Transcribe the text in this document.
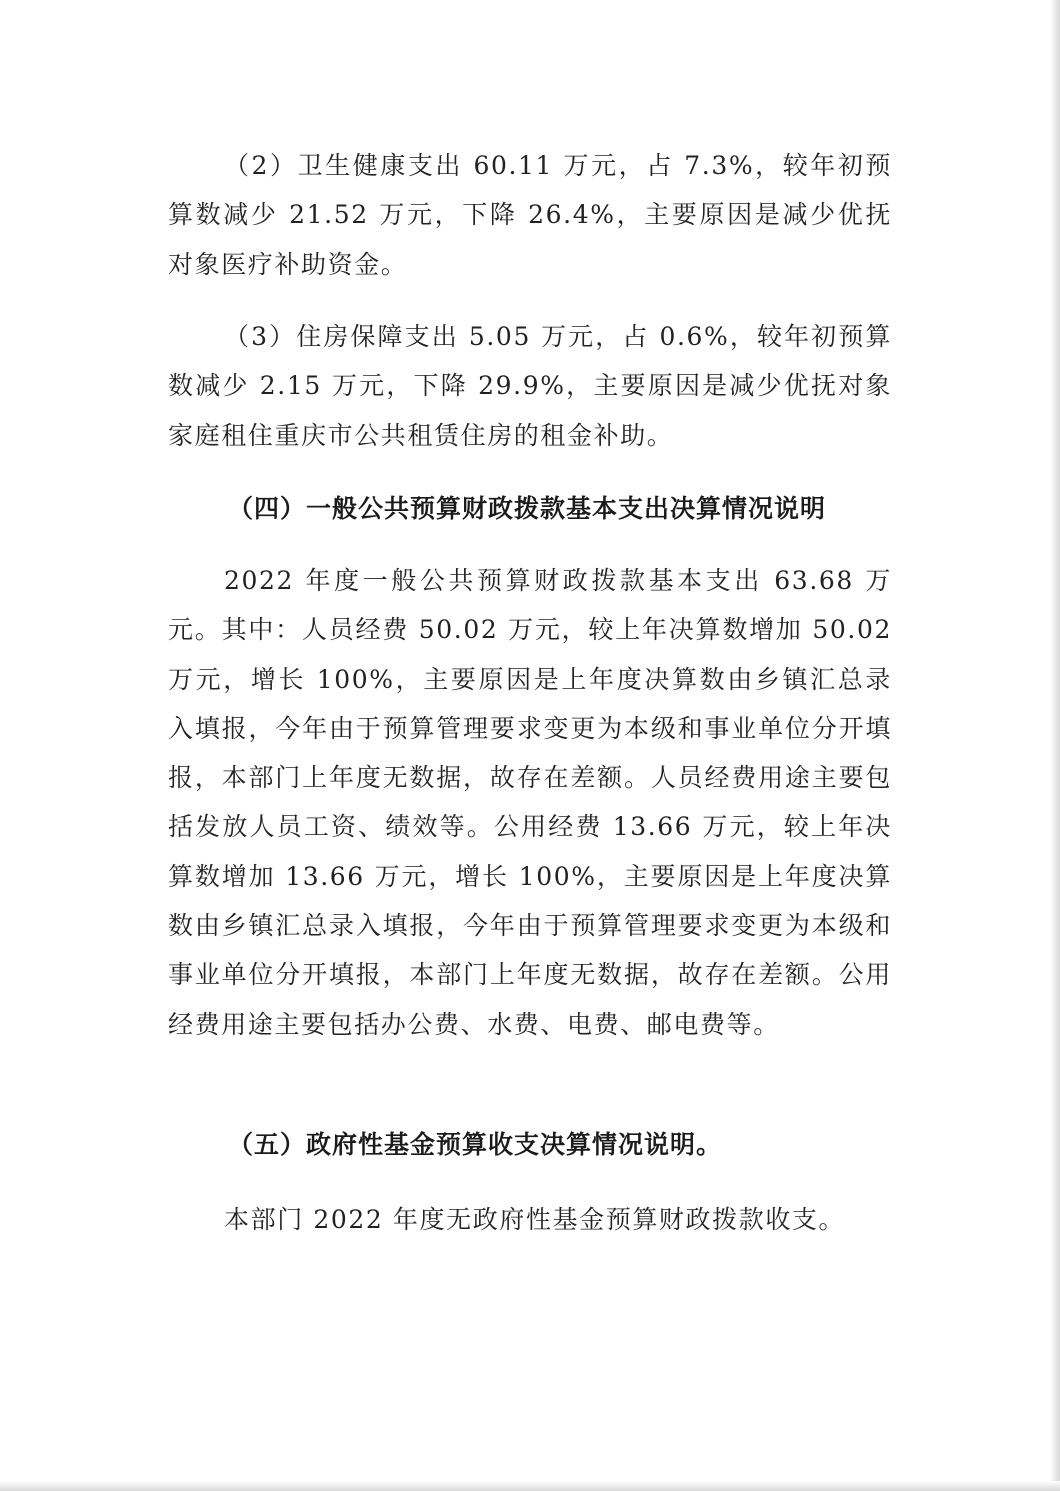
（2）卫生健康支出 60.11 万元，占 7.3%，较年初预算数减少 21.52 万元，下降 26.4%，主要原因是减少优抚对象医疗补助资金。

（3）住房保障支出 5.05 万元，占 0.6%，较年初预算数减少 2.15 万元，下降 29.9%，主要原因是减少优抚对象家庭租住重庆市公共租赁住房的租金补助。

（四）一般公共预算财政拨款基本支出决算情况说明

2022 年度一般公共预算财政拨款基本支出 63.68 万元。其中：人员经费 50.02 万元，较上年决算数增加 50.02 万元，增长 100%，主要原因是上年度决算数由乡镇汇总录入填报，今年由于预算管理要求变更为本级和事业单位分开填报，本部门上年度无数据，故存在差额。人员经费用途主要包括发放人员工资、绩效等。公用经费 13.66 万元，较上年决算数增加 13.66 万元，增长 100%，主要原因是上年度决算数由乡镇汇总录入填报，今年由于预算管理要求变更为本级和事业单位分开填报，本部门上年度无数据，故存在差额。公用经费用途主要包括办公费、水费、电费、邮电费等。

（五）政府性基金预算收支决算情况说明。

本部门 2022 年度无政府性基金预算财政拨款收支。
